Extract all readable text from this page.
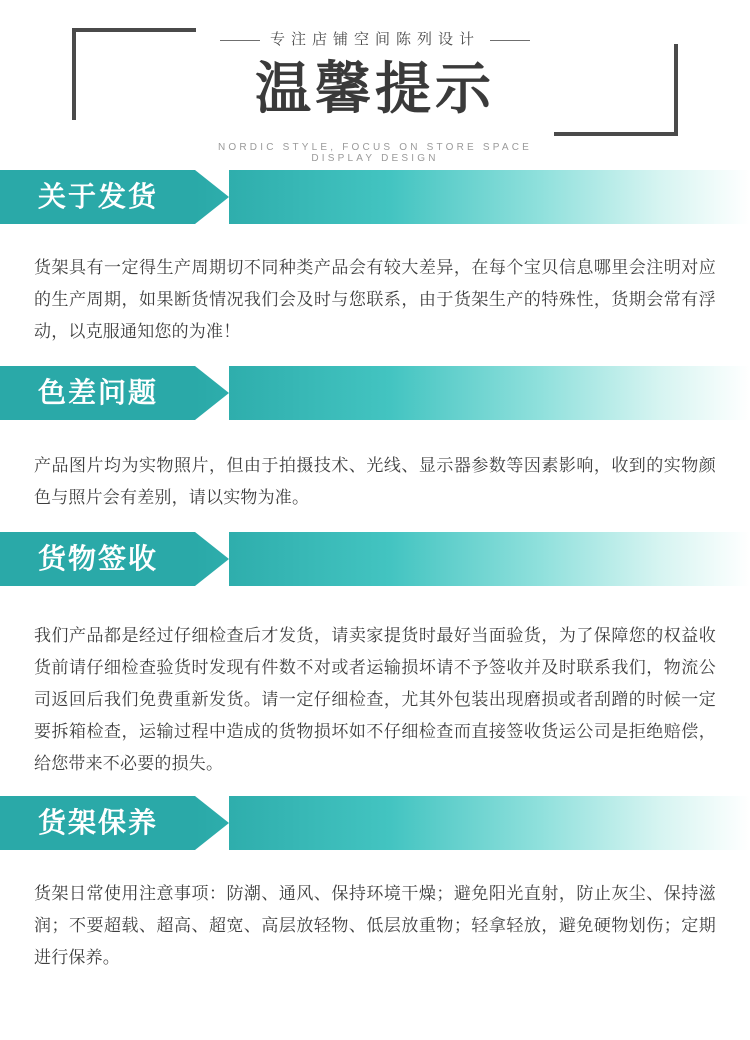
专注店铺空间陈列设计
温馨提示
NORDIC STYLE, FOCUS ON STORE SPACE DISPLAY DESIGN
关于发货
货架具有一定得生产周期切不同种类产品会有较大差异，在每个宝贝信息哪里会注明对应的生产周期，如果断货情况我们会及时与您联系，由于货架生产的特殊性，货期会常有浮动，以克服通知您的为准！
色差问题
产品图片均为实物照片，但由于拍摄技术、光线、显示器参数等因素影响，收到的实物颜色与照片会有差别，请以实物为准。
货物签收
我们产品都是经过仔细检查后才发货，请卖家提货时最好当面验货，为了保障您的权益收货前请仔细检查验货时发现有件数不对或者运输损坏请不予签收并及时联系我们，物流公司返回后我们免费重新发货。请一定仔细检查，尤其外包装出现磨损或者刮蹭的时候一定要拆箱检查，运输过程中造成的货物损坏如不仔细检查而直接签收货运公司是拒绝赔偿，给您带来不必要的损失。
货架保养
货架日常使用注意事项：防潮、通风、保持环境干燥；避免阳光直射，防止灰尘、保持滋润；不要超载、超高、超宽、高层放轻物、低层放重物；轻拿轻放，避免硬物划伤；定期进行保养。
